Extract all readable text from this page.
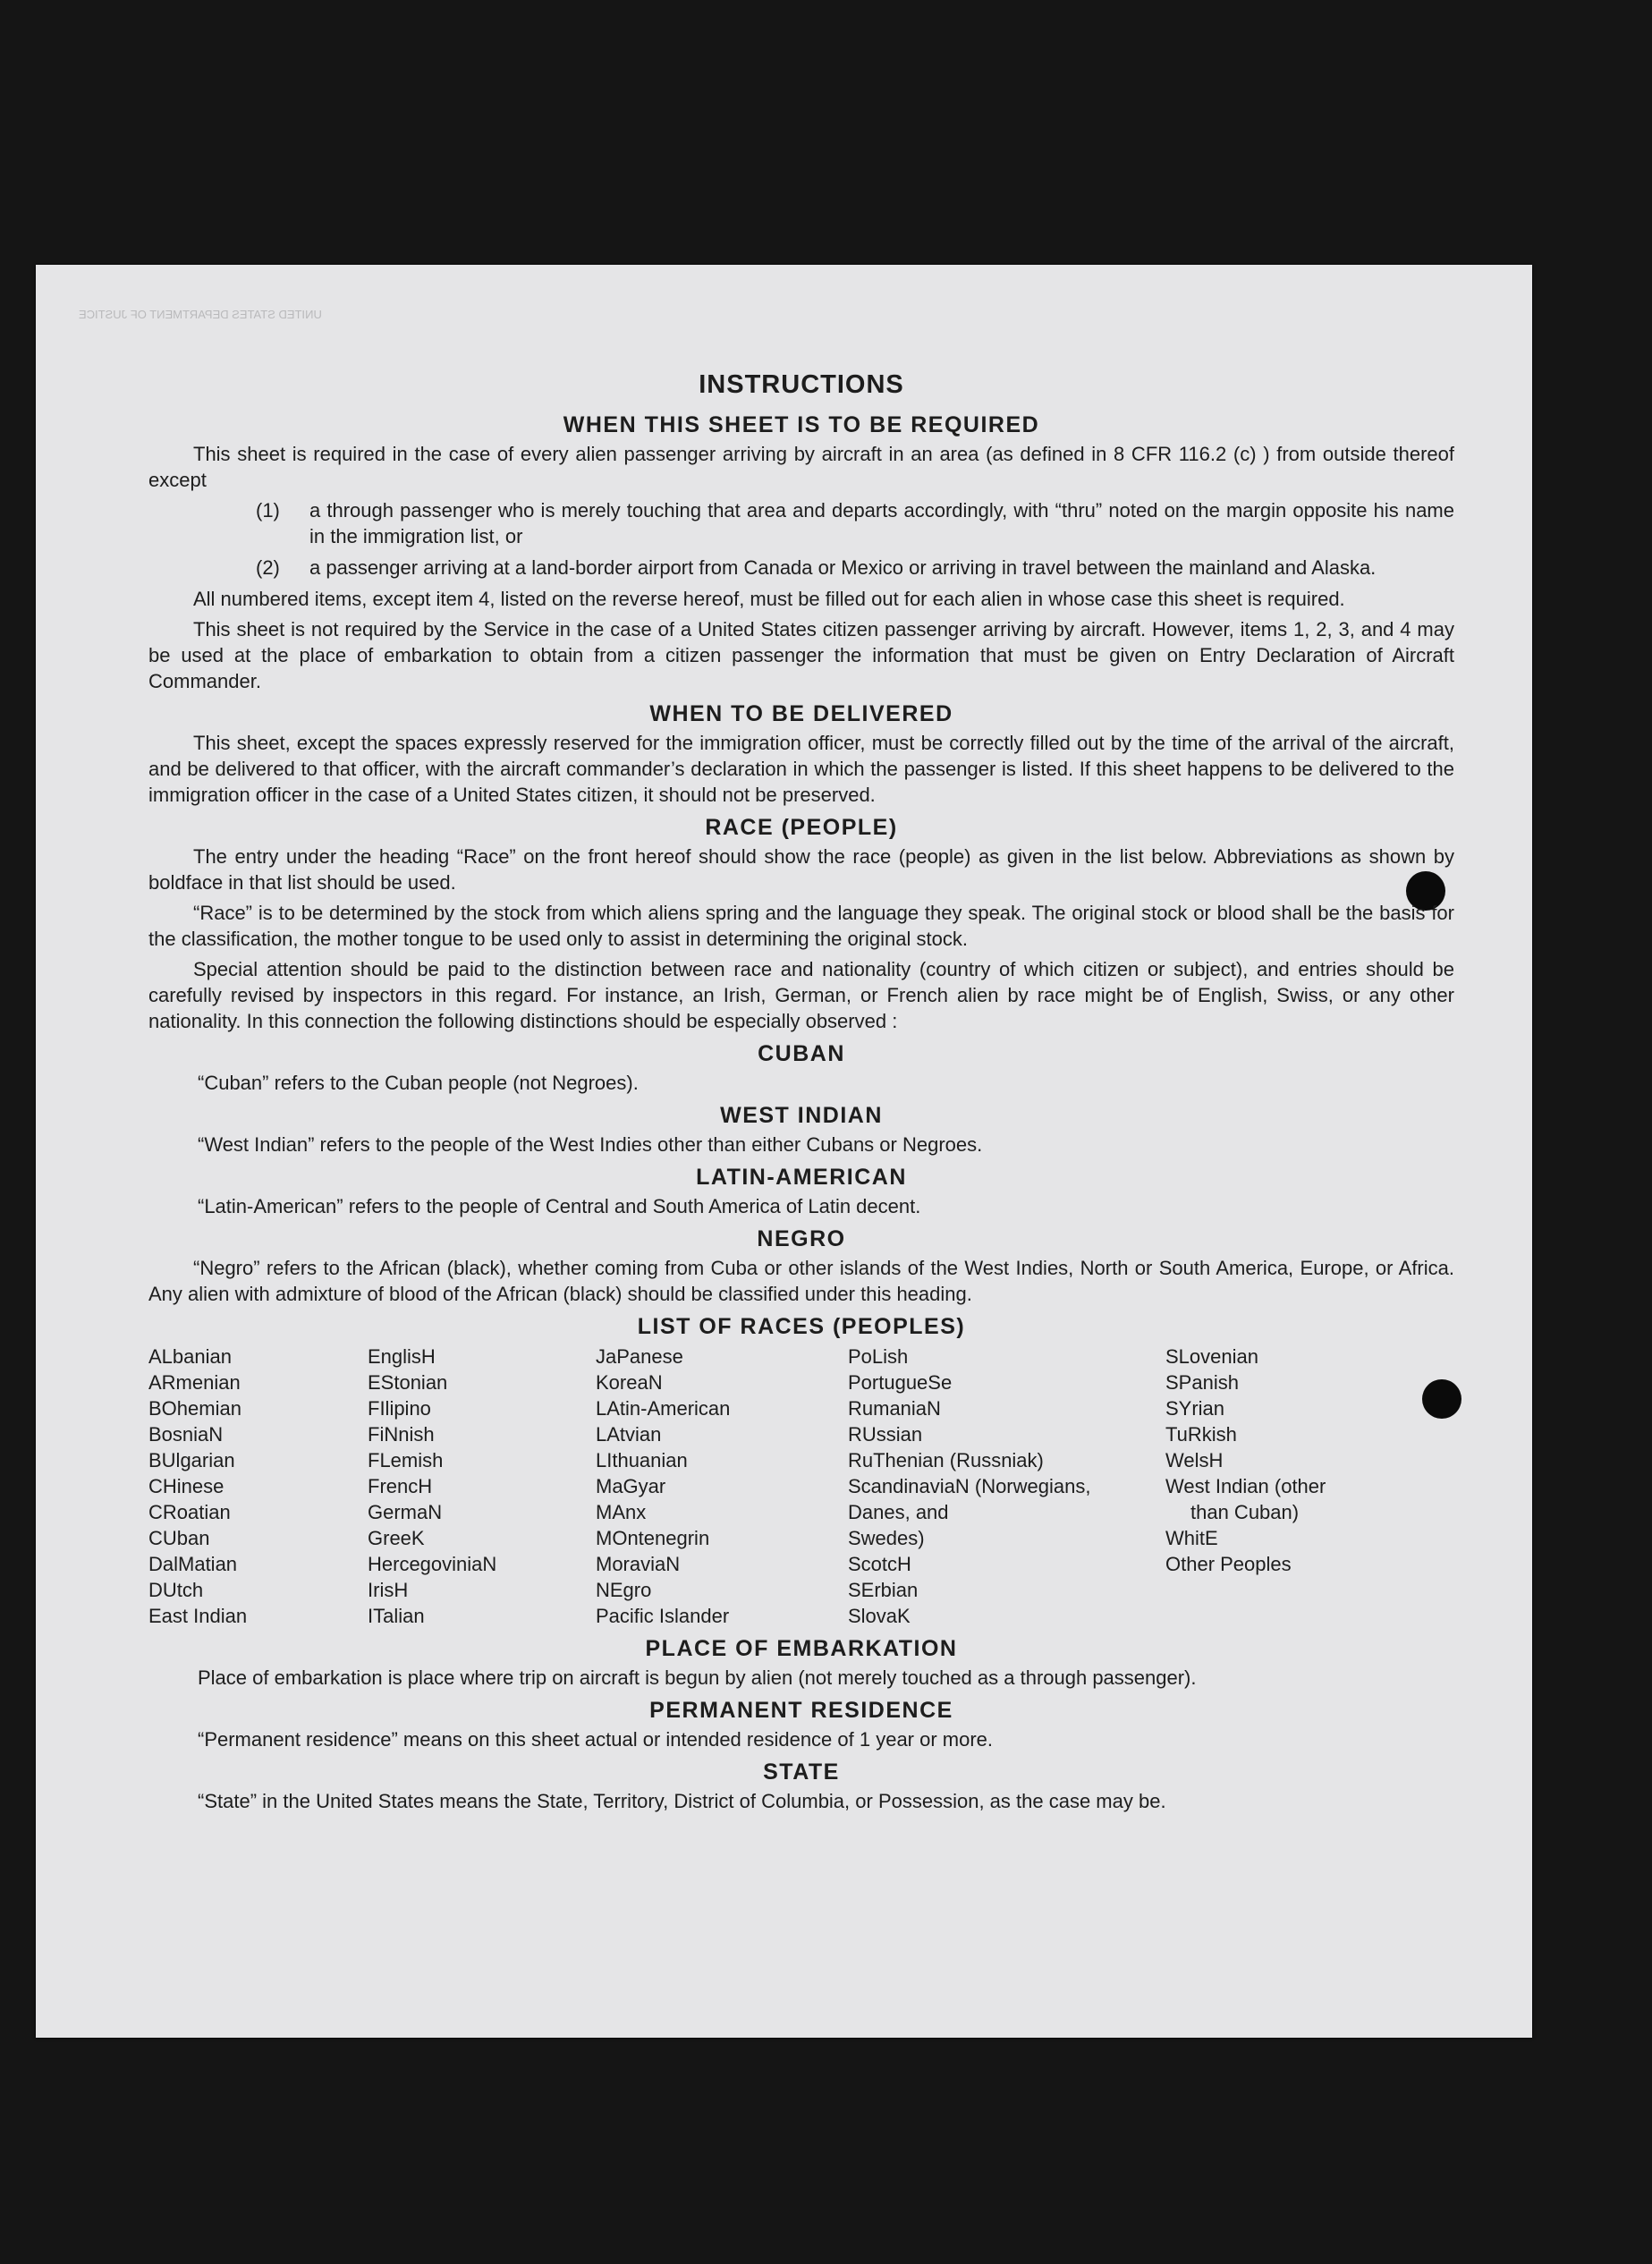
UNITED STATES DEPARTMENT OF JUSTICE
INSTRUCTIONS
WHEN THIS SHEET IS TO BE REQUIRED

This sheet is required in the case of every alien passenger arriving by aircraft in an area (as defined in 8 CFR 116.2 (c) ) from outside thereof except

(1)	a through passenger who is merely touching that area and departs accordingly, with “thru” noted on the margin opposite his name in the immigration list, or
(2)	a passenger arriving at a land-border airport from Canada or Mexico or arriving in travel between the mainland and Alaska.

All numbered items, except item 4, listed on the reverse hereof, must be filled out for each alien in whose case this sheet is required.

This sheet is not required by the Service in the case of a United States citizen passenger arriving by aircraft. However, items 1, 2, 3, and 4 may be used at the place of embarkation to obtain from a citizen passenger the information that must be given on Entry Declaration of Aircraft Commander.

WHEN TO BE DELIVERED

This sheet, except the spaces expressly reserved for the immigration officer, must be correctly filled out by the time of the arrival of the aircraft, and be delivered to that officer, with the aircraft commander’s declaration in which the passenger is listed. If this sheet happens to be delivered to the immigration officer in the case of a United States citizen, it should not be preserved.

RACE (PEOPLE)

The entry under the heading “Race” on the front hereof should show the race (people) as given in the list below. Abbreviations as shown by boldface in that list should be used.

“Race” is to be determined by the stock from which aliens spring and the language they speak. The original stock or blood shall be the basis for the classification, the mother tongue to be used only to assist in determining the original stock.

Special attention should be paid to the distinction between race and nationality (country of which citizen or subject), and entries should be carefully revised by inspectors in this regard. For instance, an Irish, German, or French alien by race might be of English, Swiss, or any other nationality. In this connection the following distinctions should be especially observed :

CUBAN

“Cuban” refers to the Cuban people (not Negroes).

WEST INDIAN

“West Indian” refers to the people of the West Indies other than either Cubans or Negroes.

LATIN-AMERICAN

“Latin-American” refers to the people of Central and South America of Latin decent.

NEGRO

“Negro” refers to the African (black), whether coming from Cuba or other islands of the West Indies, North or South America, Europe, or Africa. Any alien with admixture of blood of the African (black) should be classified under this heading.

LIST OF RACES (PEOPLES)
ALbanian
ARmenian
BOhemian
BosniaN
BUlgarian
CHinese
CRoatian
CUban
DalMatian
DUtch
East Indian
EnglisH
EStonian
FIlipino
FiNnish
FLemish
FrencH
GermaN
GreeK
HercegoviniaN
IrisH
ITalian
JaPanese
KoreaN
LAtin-American
LAtvian
LIthuanian
MaGyar
MAnx
MOntenegrin
MoraviaN
NEgro
Pacific Islander
PoLish
PortugueSe
RumaniaN
RUssian
RuThenian (Russniak)
ScandinaviaN (Norwegians,
Danes, and
Swedes)
ScotcH
SErbian
SlovaK
SLovenian
SPanish
SYrian
TuRkish
WelsH
West Indian (other
than Cuban)
WhitE
Other Peoples
PLACE OF EMBARKATION

Place of embarkation is place where trip on aircraft is begun by alien (not merely touched as a through passenger).

PERMANENT RESIDENCE

“Permanent residence” means on this sheet actual or intended residence of 1 year or more.

STATE

“State” in the United States means the State, Territory, District of Columbia, or Possession, as the case may be.
